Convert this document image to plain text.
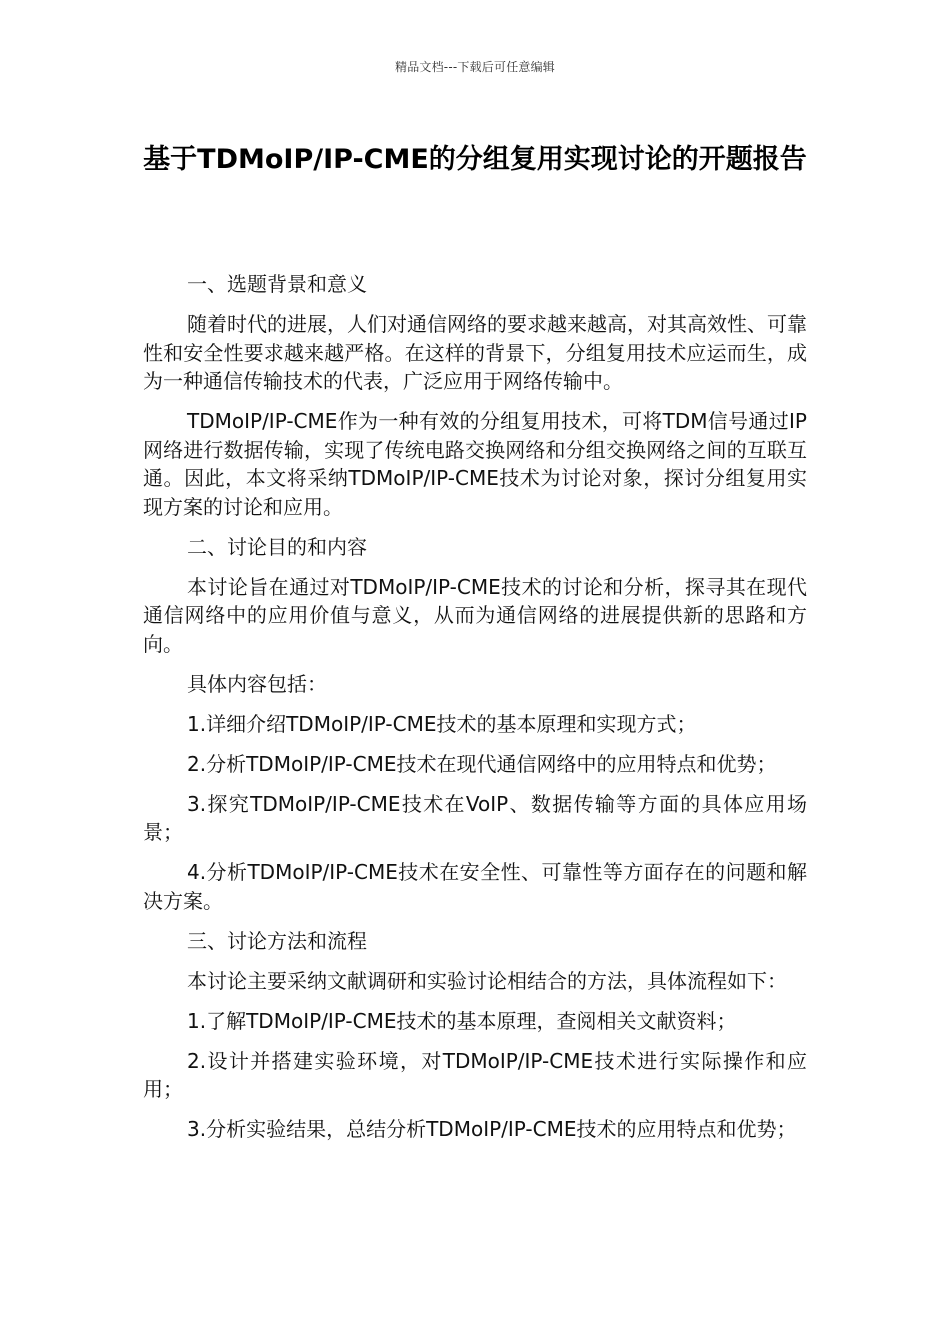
精品文档---下载后可任意编辑
基于TDMoIP/IP-CME的分组复用实现讨论的开题报告

一、选题背景和意义

随着时代的进展，人们对通信网络的要求越来越高，对其高效性、可靠性和安全性要求越来越严格。在这样的背景下，分组复用技术应运而生，成为一种通信传输技术的代表，广泛应用于网络传输中。

TDMoIP/IP-CME作为一种有效的分组复用技术，可将TDM信号通过IP网络进行数据传输，实现了传统电路交换网络和分组交换网络之间的互联互通。因此，本文将采纳TDMoIP/IP-CME技术为讨论对象，探讨分组复用实现方案的讨论和应用。

二、讨论目的和内容

本讨论旨在通过对TDMoIP/IP-CME技术的讨论和分析，探寻其在现代通信网络中的应用价值与意义，从而为通信网络的进展提供新的思路和方向。

具体内容包括：

1.详细介绍TDMoIP/IP-CME技术的基本原理和实现方式；

2.分析TDMoIP/IP-CME技术在现代通信网络中的应用特点和优势；

3.探究TDMoIP/IP-CME技术在VoIP、数据传输等方面的具体应用场景；

4.分析TDMoIP/IP-CME技术在安全性、可靠性等方面存在的问题和解决方案。

三、讨论方法和流程

本讨论主要采纳文献调研和实验讨论相结合的方法，具体流程如下：

1.了解TDMoIP/IP-CME技术的基本原理，查阅相关文献资料；

2.设计并搭建实验环境，对TDMoIP/IP-CME技术进行实际操作和应用；

3.分析实验结果，总结分析TDMoIP/IP-CME技术的应用特点和优势；
